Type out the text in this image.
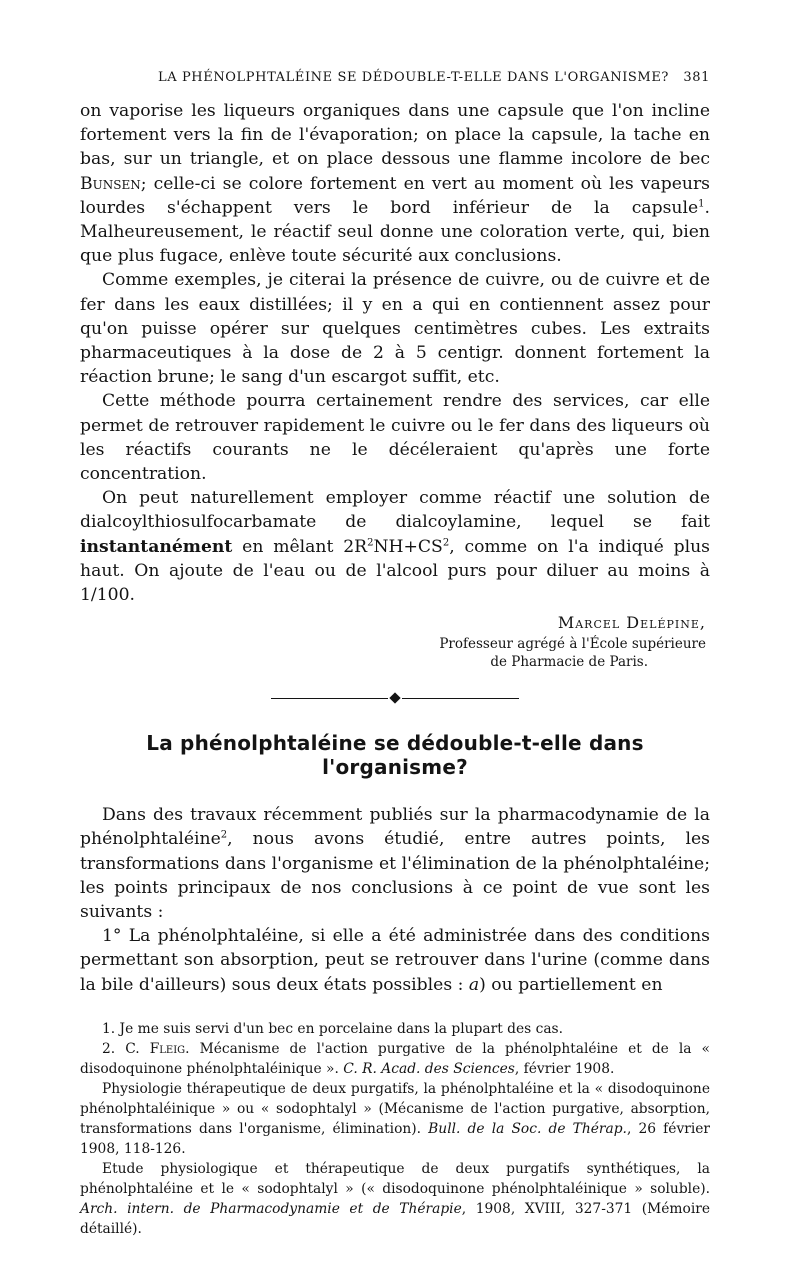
LA PHÉNOLPHTALÉINE SE DÉDOUBLE-T-ELLE DANS L'ORGANISME? 381

on vaporise les liqueurs organiques dans une capsule que l'on incline fortement vers la fin de l'évaporation; on place la capsule, la tache en bas, sur un triangle, et on place dessous une flamme incolore de bec Bunsen; celle-ci se colore fortement en vert au moment où les vapeurs lourdes s'échappent vers le bord inférieur de la capsule$^1$. Malheureusement, le réactif seul donne une coloration verte, qui, bien que plus fugace, enlève toute sécurité aux conclusions.

Comme exemples, je citerai la présence de cuivre, ou de cuivre et de fer dans les eaux distillées; il y en a qui en contiennent assez pour qu'on puisse opérer sur quelques centimètres cubes. Les extraits pharmaceutiques à la dose de 2 à 5 centigr. donnent fortement la réaction brune; le sang d'un escargot suffit, etc.

Cette méthode pourra certainement rendre des services, car elle permet de retrouver rapidement le cuivre ou le fer dans des liqueurs où les réactifs courants ne le décéleraient qu'après une forte concentration.

On peut naturellement employer comme réactif une solution de dialcoylthiosulfocarbamate de dialcoylamine, lequel se fait instantanément en mêlant $2R^2NH+CS^2$, comme on l'a indiqué plus haut. On ajoute de l'eau ou de l'alcool purs pour diluer au moins à 1/100.

Marcel Delépine,
Professeur agrégé à l'École supérieure
de Pharmacie de Paris.
La phénolphtaléine se dédouble-t-elle dans l'organisme?

Dans des travaux récemment publiés sur la pharmacodynamie de la phénolphtaléine$^2$, nous avons étudié, entre autres points, les transformations dans l'organisme et l'élimination de la phénolphtaléine; les points principaux de nos conclusions à ce point de vue sont les suivants :

1° La phénolphtaléine, si elle a été administrée dans des conditions permettant son absorption, peut se retrouver dans l'urine (comme dans la bile d'ailleurs) sous deux états possibles : a) ou partiellement en

1. Je me suis servi d'un bec en porcelaine dans la plupart des cas.

2. C. Fleig. Mécanisme de l'action purgative de la phénolphtaléine et de la « disodoquinone phénolphtaléinique ». C. R. Acad. des Sciences, février 1908.

Physiologie thérapeutique de deux purgatifs, la phénolphtaléine et la « disodoquinone phénolphtaléinique » ou « sodophtalyl » (Mécanisme de l'action purgative, absorption, transformations dans l'organisme, élimination). Bull. de la Soc. de Thérap., 26 février 1908, 118-126.

Etude physiologique et thérapeutique de deux purgatifs synthétiques, la phénolphtaléine et le « sodophtalyl » (« disodoquinone phénolphtaléinique » soluble). Arch. intern. de Pharmacodynamie et de Thérapie, 1908, XVIII, 327-371 (Mémoire détaillé).
